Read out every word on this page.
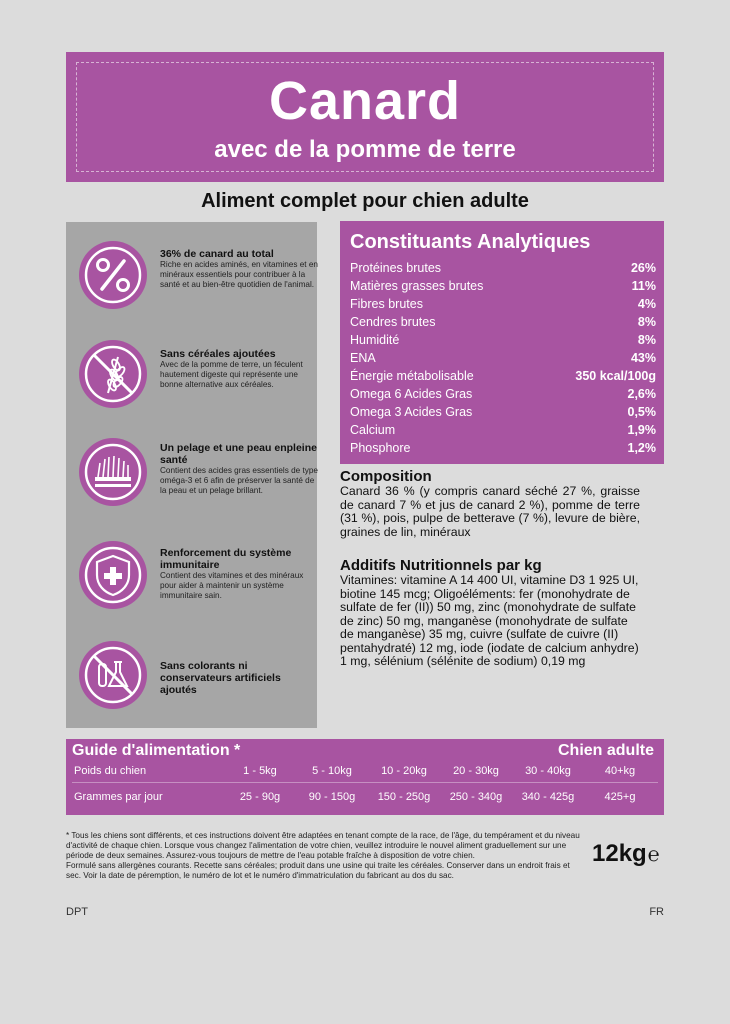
Canard
avec de la pomme de terre
Aliment complet pour chien adulte
36% de canard au total
Riche en acides aminés, en vitamines et en minéraux essentiels pour contribuer à la santé et au bien-être quotidien de l'animal.
Sans céréales ajoutées
Avec de la pomme de terre, un féculent hautement digeste qui représente une bonne alternative aux céréales.
Un pelage et une peau enpleine santé
Contient des acides gras essentiels de type oméga-3 et 6 afin de préserver la santé de la peau et un pelage brillant.
Renforcement du système immunitaire
Contient des vitamines et des minéraux pour aider à maintenir un système immunitaire sain.
Sans colorants ni conservateurs artificiels ajoutés
Constituants Analytiques
Protéines brutes	26%
Matières grasses brutes	11%
Fibres brutes	4%
Cendres brutes	8%
Humidité	8%
ENA	43%
Énergie métabolisable	350 kcal/100g
Omega 6 Acides Gras	2,6%
Omega 3 Acides Gras	0,5%
Calcium	1,9%
Phosphore	1,2%
Composition
Canard 36 % (y compris canard séché 27 %, graisse de canard 7 % et jus de canard 2 %), pomme de terre (31 %), pois, pulpe de betterave (7 %), levure de bière, graines de lin, minéraux
Additifs Nutritionnels par kg
Vitamines: vitamine A 14 400 UI, vitamine D3 1 925 UI, biotine 145 mcg; Oligoéléments: fer (monohydrate de sulfate de fer (II)) 50 mg, zinc (monohydrate de sulfate de zinc) 50 mg, manganèse (monohydrate de sulfate de manganèse) 35 mg, cuivre (sulfate de cuivre (II) pentahydraté) 12 mg, iode (iodate de calcium anhydre) 1 mg, sélénium (sélénite de sodium) 0,19 mg
Guide d'alimentation *	Chien adulte
Poids du chien	1 - 5kg	5 - 10kg	10 - 20kg	20 - 30kg	30 - 40kg	40+kg
Grammes par jour	25 - 90g	90 - 150g	150 - 250g	250 - 340g	340 - 425g	425+g
* Tous les chiens sont différents, et ces instructions doivent être adaptées en tenant compte de la race, de l'âge, du tempérament et du niveau d'activité de chaque chien. Lorsque vous changez l'alimentation de votre chien, veuillez introduire le nouvel aliment graduellement sur une période de deux semaines. Assurez-vous toujours de mettre de l'eau potable fraîche à disposition de votre chien.
Formulé sans allergènes courants. Recette sans céréales; produit dans une usine qui traite les céréales. Conserver dans un endroit frais et sec. Voir la date de péremption, le numéro de lot et le numéro d'immatriculation du fabricant au dos du sac.
12kg℮
DPT	FR
